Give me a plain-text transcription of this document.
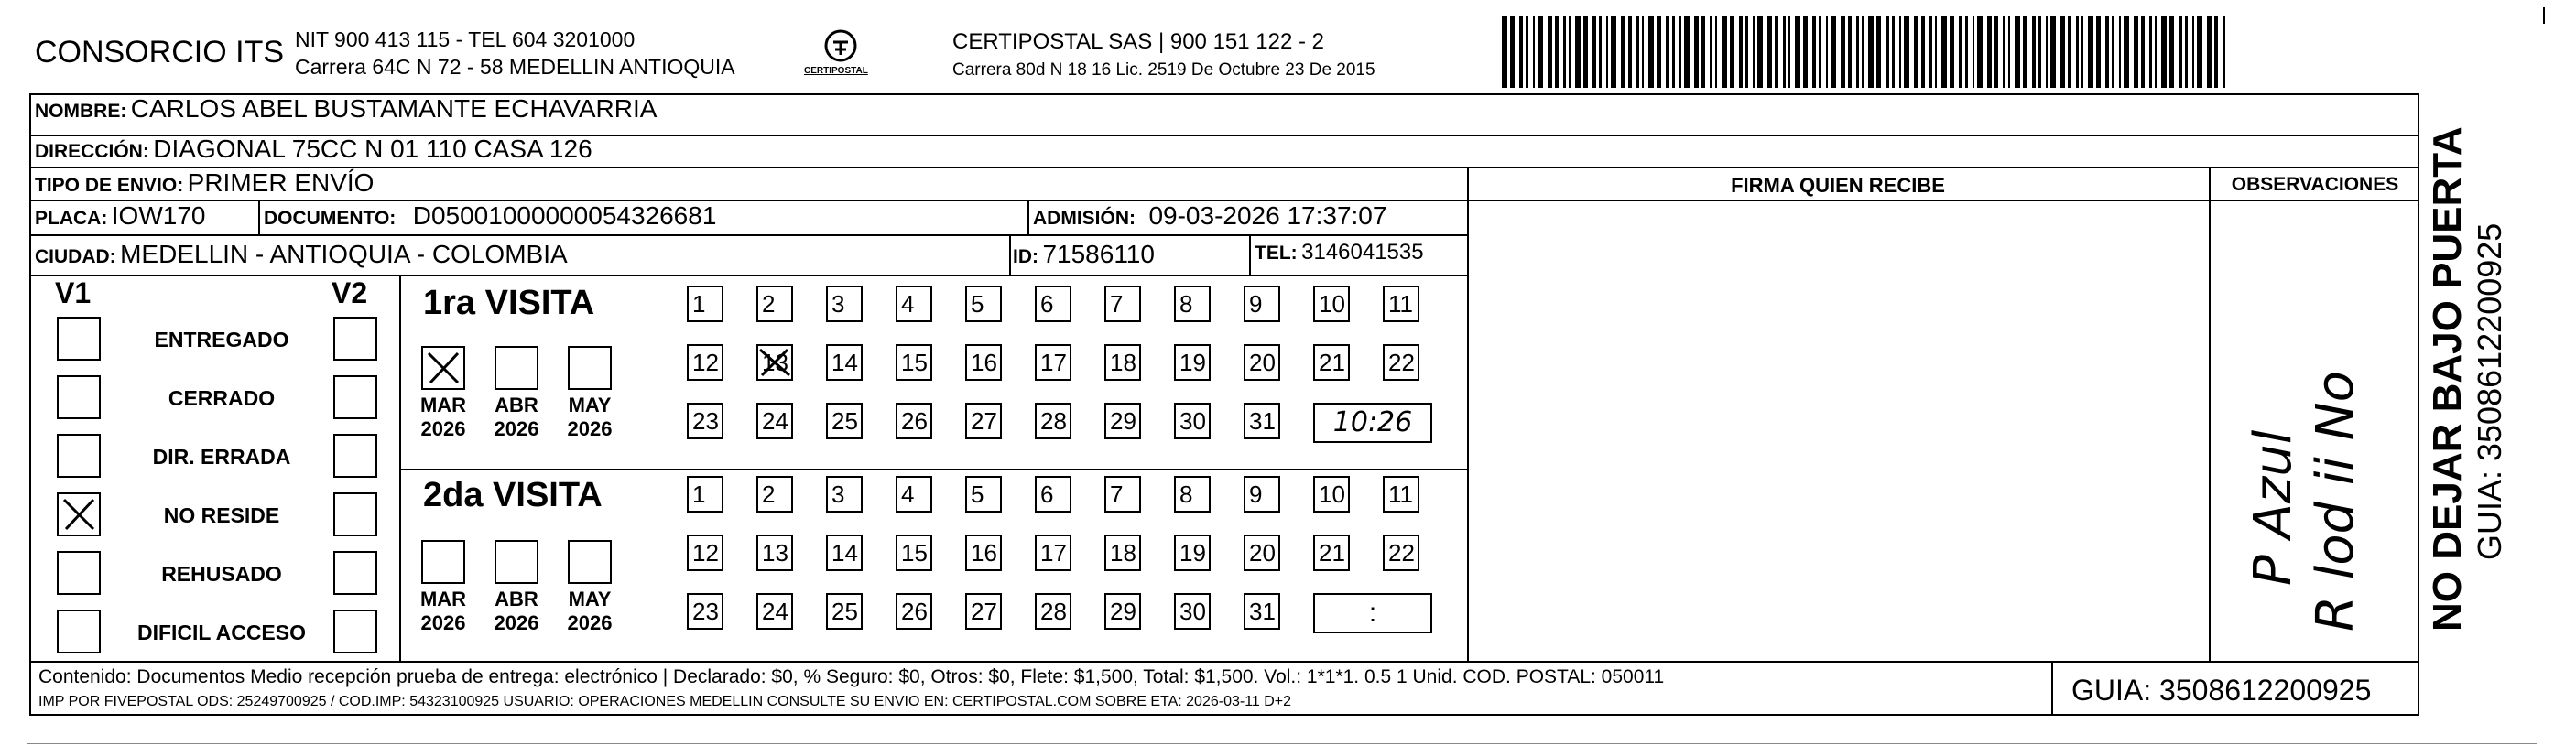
CONSORCIO ITS NIT 900 413 115 - TEL 604 3201000
Carrera 64C N 72 - 58 MEDELLIN ANTIOQUIA	CERTIPOSTAL
CERTIPOSTAL SAS | 900 151 122 - 2
Carrera 80d N 18 16 Lic. 2519 De Octubre 23 De 2015
NOMBRE: CARLOS ABEL BUSTAMANTE ECHAVARRIA
DIRECCIÓN: DIAGONAL 75CC N 01 110 CASA 126
TIPO DE ENVIO: PRIMER ENVÍO	FIRMA QUIEN RECIBE	OBSERVACIONES
PLACA: IOW170	DOCUMENTO: D05001000000054326681	ADMISIÓN: 09-03-2026 17:37:07
CIUDAD: MEDELLIN - ANTIOQUIA - COLOMBIA	ID: 71586110	TEL: 3146041535
V1	V2
ENTREGADO
CERRADO
DIR. ERRADA
NO RESIDE
REHUSADO
DIFICIL ACCESO
1ra VISITA
2da VISITA
MAR
2026
ABR
2026
MAY
2026
MAR
2026
ABR
2026
MAY
2026
1	2	3	4	5	6	7	8	9	10 11
12 13 14 15 16 17 18 19 20 21 22
23 24 25 26 27 28 29 30 31	10:26
1	2	3	4	5	6	7	8	9	10 11
12 13 14 15 16 17 18 19 20 21 22
23 24 25 26 27 28 29 30 31	:
P Azul R lod ii No NO DEJAR BAJO PUERTA GUIA: 3508612200925
Contenido: Documentos Medio recepción prueba de entrega: electrónico | Declarado: $0, % Seguro: $0, Otros: $0, Flete: $1,500, Total: $1,500. Vol.: 1*1*1. 0.5 1 Unid. COD. POSTAL: 050011
IMP POR FIVEPOSTAL ODS: 25249700925 / COD.IMP: 54323100925 USUARIO: OPERACIONES MEDELLIN CONSULTE SU ENVIO EN: CERTIPOSTAL.COM SOBRE ETA: 2026-03-11 D+2	GUIA: 3508612200925
